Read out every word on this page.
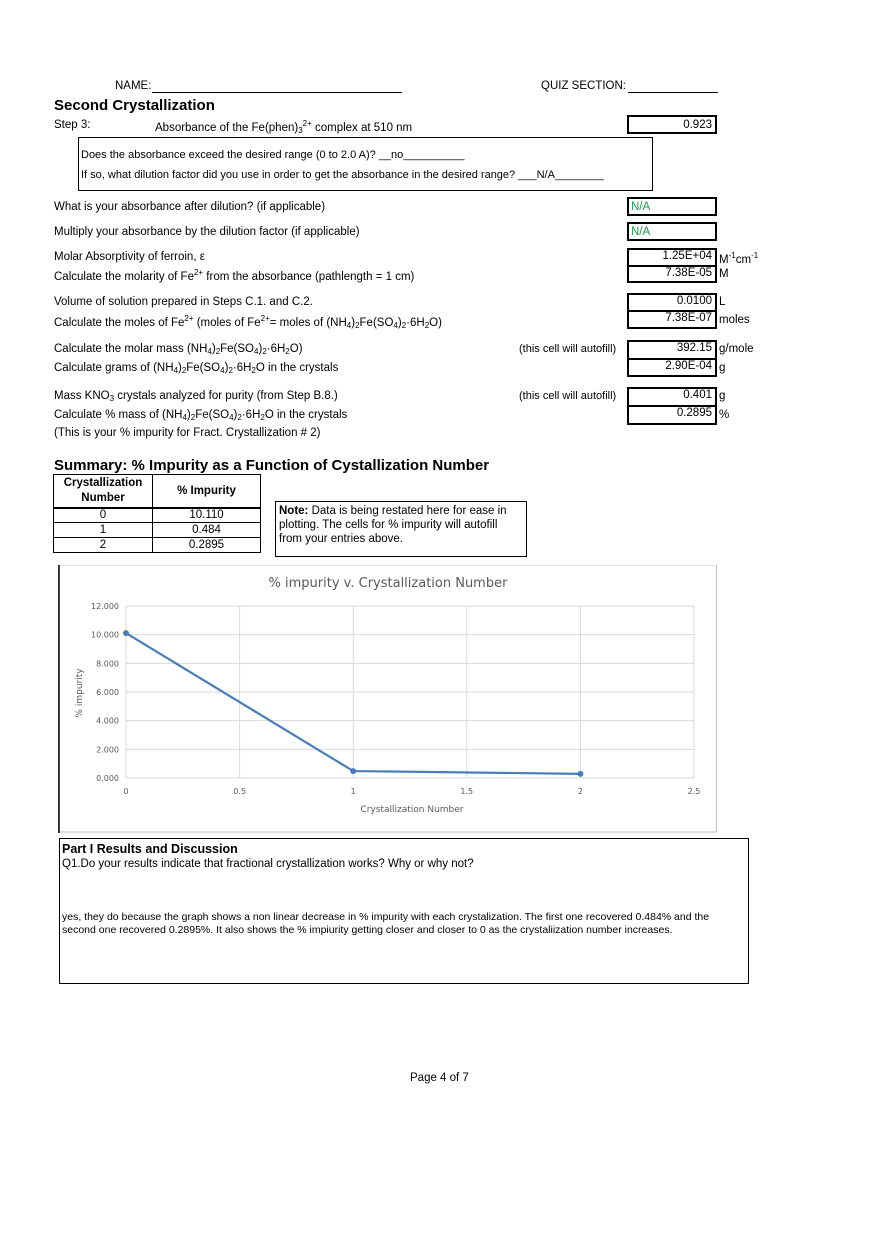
NAME:	QUIZ SECTION:
Second Crystallization
Step 3:	Absorbance of the $Fe(phen)_3^{2+}$ complex at 510 nm	0.923
Does the absorbance exceed the desired range (0 to 2.0 A)? __no__________
If so, what dilution factor did you use in order to get the absorbance in the desired range? ___N/A________
What is your absorbance after dilution? (if applicable)	N/A
Multiply your absorbance by the dilution factor (if applicable)	N/A
Molar Absorptivity of ferroin, ε	1.25E+04 $M^{-1}cm^{-1}$
Calculate the molarity of $Fe^{2+}$ from the absorbance (pathlength = 1 cm)	7.38E-05 M
Volume of solution prepared in Steps C.1. and C.2.	0.0100 L
Calculate the moles of $Fe^{2+}$ (moles of $Fe^{2+}=$ moles of $(NH_4)_2Fe(SO_4)_2\cdot 6H_2O$)	7.38E-07 moles
Calculate the molar mass $(NH_4)_2Fe(SO_4)_2\cdot 6H_2O$)	(this cell will autofill)	392.15 g/mole
Calculate grams of $(NH_4)_2Fe(SO_4)_2\cdot 6H_2O$ in the crystals	2.90E-04 g
Mass $KNO_3$ crystals analyzed for purity (from Step B.8.)	(this cell will autofill)	0.401 g
Calculate % mass of $(NH_4)_2Fe(SO_4)_2\cdot 6H_2O$ in the crystals	0.2895 %
(This is your % impurity for Fract. Crystallization # 2)
Summary: % Impurity as a Function of Cystallization Number
Crystallization Number	% Impurity
0	10.110
1	0.484
2	0.2895
Note: Data is being restated here for ease in plotting. The cells for % impurity will autofill from your entries above.
% impurity v. Crystallization Number
0.000
2.000
4.000
6.000
8.000
10.000
12.000
0	0.5	1	1.5	2	2.5
Crystallization Number
% impurity
Part I Results and Discussion
Q1.Do your results indicate that fractional crystallization works? Why or why not?
yes, they do because the graph shows a non linear decrease in % impurity with each crystalization. The first one recovered 0.484% and the second one recovered 0.2895%. It also shows the % impiurity getting closer and closer to 0 as the crystaliization number increases.
Page 4 of 7
